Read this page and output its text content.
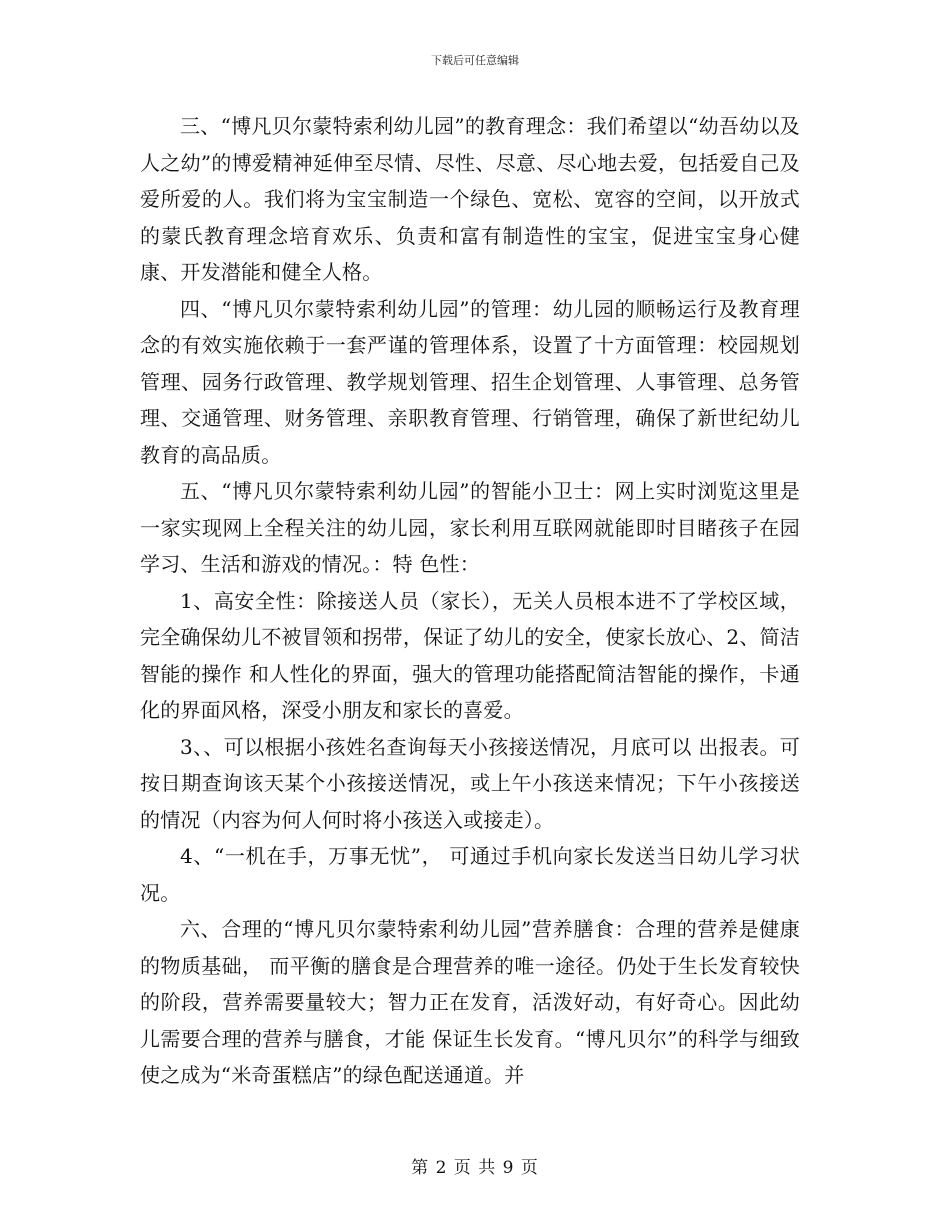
下载后可任意编辑

三、“博凡贝尔蒙特索利幼儿园”的教育理念：我们希望以“幼吾幼以及人之幼”的博爱精神延伸至尽情、尽性、尽意、尽心地去爱，包括爱自己及爱所爱的人。我们将为宝宝制造一个绿色、宽松、宽容的空间，以开放式的蒙氏教育理念培育欢乐、负责和富有制造性的宝宝，促进宝宝身心健康、开发潜能和健全人格。

四、“博凡贝尔蒙特索利幼儿园”的管理：幼儿园的顺畅运行及教育理念的有效实施依赖于一套严谨的管理体系，设置了十方面管理：校园规划管理、园务行政管理、教学规划管理、招生企划管理、人事管理、总务管理、交通管理、财务管理、亲职教育管理、行销管理，确保了新世纪幼儿教育的高品质。

五、“博凡贝尔蒙特索利幼儿园”的智能小卫士：网上实时浏览这里是一家实现网上全程关注的幼儿园，家长利用互联网就能即时目睹孩子在园学习、生活和游戏的情况。：特 色性：

1、高安全性：除接送人员（家长），无关人员根本进不了学校区域，完全确保幼儿不被冒领和拐带，保证了幼儿的安全，使家长放心、2、简洁智能的操作 和人性化的界面，强大的管理功能搭配简洁智能的操作，卡通化的界面风格，深受小朋友和家长的喜爱。

3、、可以根据小孩姓名查询每天小孩接送情况，月底可以 出报表。可按日期查询该天某个小孩接送情况，或上午小孩送来情况；下午小孩接送的情况（内容为何人何时将小孩送入或接走）。

4、“一机在手，万事无忧”， 可通过手机向家长发送当日幼儿学习状况。

六、合理的“博凡贝尔蒙特索利幼儿园”营养膳食：合理的营养是健康的物质基础， 而平衡的膳食是合理营养的唯一途径。仍处于生长发育较快的阶段，营养需要量较大；智力正在发育，活泼好动，有好奇心。因此幼儿需要合理的营养与膳食，才能 保证生长发育。“博凡贝尔”的科学与细致使之成为“米奇蛋糕店”的绿色配送通道。并

第 2 页 共 9 页
